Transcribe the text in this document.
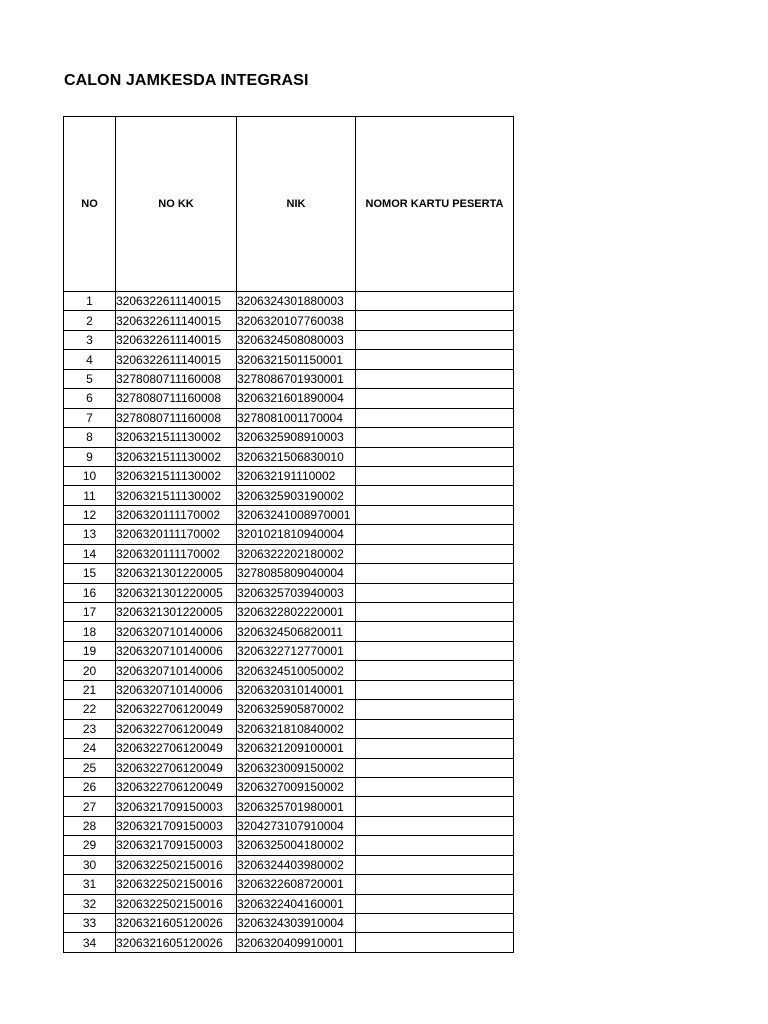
CALON JAMKESDA INTEGRASI
NO	NO KK	NIK	NOMOR KARTU PESERTA
1	3206322611140015	3206324301880003	
2	3206322611140015	3206320107760038	
3	3206322611140015	3206324508080003	
4	3206322611140015	3206321501150001	
5	3278080711160008	3278086701930001	
6	3278080711160008	3206321601890004	
7	3278080711160008	3278081001170004	
8	3206321511130002	3206325908910003	
9	3206321511130002	3206321506830010	
10	3206321511130002	320632191110002	
11	3206321511130002	3206325903190002	
12	3206320111170002	32063241008970001	
13	3206320111170002	3201021810940004	
14	3206320111170002	3206322202180002	
15	3206321301220005	3278085809040004	
16	3206321301220005	3206325703940003	
17	3206321301220005	3206322802220001	
18	3206320710140006	3206324506820011	
19	3206320710140006	3206322712770001	
20	3206320710140006	3206324510050002	
21	3206320710140006	3206320310140001	
22	3206322706120049	3206325905870002	
23	3206322706120049	3206321810840002	
24	3206322706120049	3206321209100001	
25	3206322706120049	3206323009150002	
26	3206322706120049	3206327009150002	
27	3206321709150003	3206325701980001	
28	3206321709150003	3204273107910004	
29	3206321709150003	3206325004180002	
30	3206322502150016	3206324403980002	
31	3206322502150016	3206322608720001	
32	3206322502150016	3206322404160001	
33	3206321605120026	3206324303910004	
34	3206321605120026	3206320409910001	
